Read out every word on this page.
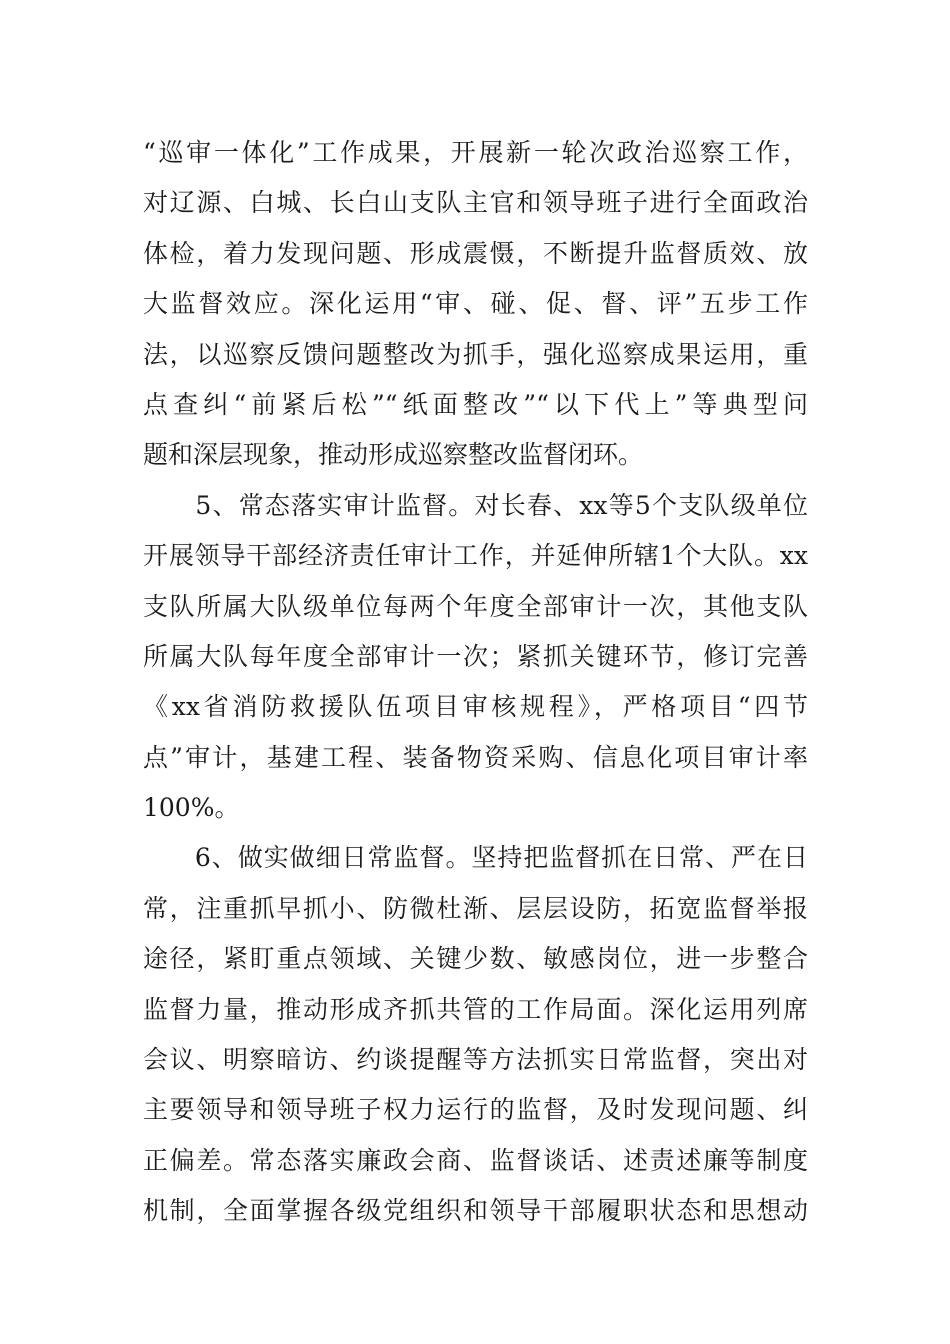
“巡审一体化”工作成果，开展新一轮次政治巡察工作，
对辽源、白城、长白山支队主官和领导班子进行全面政治
体检，着力发现问题、形成震慑，不断提升监督质效、放
大监督效应。深化运用“审、碰、促、督、评”五步工作
法，以巡察反馈问题整改为抓手，强化巡察成果运用，重
点查纠“前紧后松”“纸面整改”“以下代上”等典型问
题和深层现象，推动形成巡察整改监督闭环。
　　5、常态落实审计监督。对长春、xx等5个支队级单位
开展领导干部经济责任审计工作，并延伸所辖1个大队。xx
支队所属大队级单位每两个年度全部审计一次，其他支队
所属大队每年度全部审计一次；紧抓关键环节，修订完善
《xx省消防救援队伍项目审核规程》，严格项目“四节
点”审计，基建工程、装备物资采购、信息化项目审计率
100%。
　　6、做实做细日常监督。坚持把监督抓在日常、严在日
常，注重抓早抓小、防微杜渐、层层设防，拓宽监督举报
途径，紧盯重点领域、关键少数、敏感岗位，进一步整合
监督力量，推动形成齐抓共管的工作局面。深化运用列席
会议、明察暗访、约谈提醒等方法抓实日常监督，突出对
主要领导和领导班子权力运行的监督，及时发现问题、纠
正偏差。常态落实廉政会商、监督谈话、述责述廉等制度
机制，全面掌握各级党组织和领导干部履职状态和思想动
